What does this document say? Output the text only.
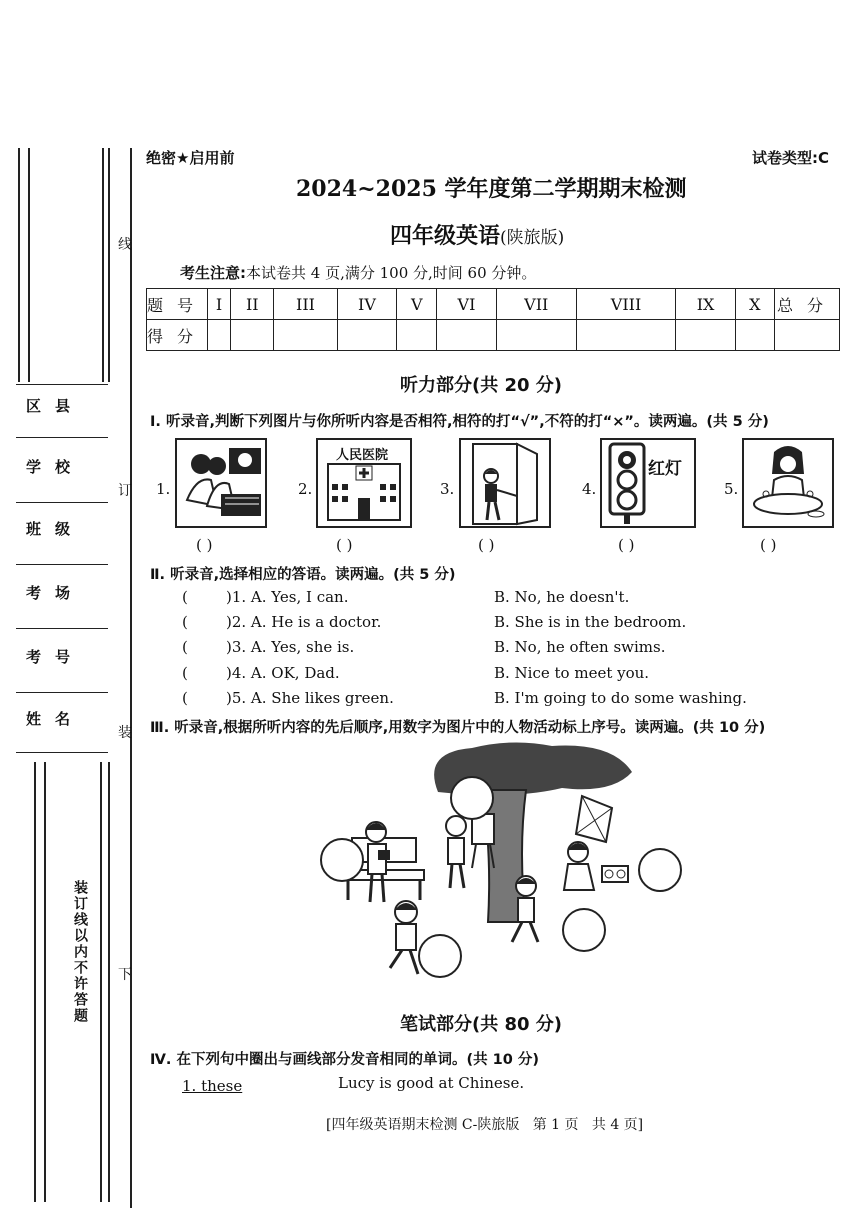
区县
学校
班级
考场
考号
姓名
装订线以内不许答题
线
订
装
下
绝密★启用前	试卷类型:C
2024~2025 学年度第二学期期末检测
四年级英语(陕旅版)
考生注意:本试卷共 4 页,满分 100 分,时间 60 分钟。
题号	I	II	III	IV	V	VI	VII	VIII	IX	X	总分
得分											
听力部分(共 20 分)
Ⅰ. 听录音,判断下列图片与你所听内容是否相符,相符的打“√”,不符的打“×”。读两遍。(共 5 分)
1.
( )
2.
人民医院
( )
3.
( )
4.
红灯
( )
5.
( )
Ⅱ. 听录音,选择相应的答语。读两遍。(共 5 分)
(        )1. A. Yes, I can.	B. No, he doesn't.
(        )2. A. He is a doctor.	B. She is in the bedroom.
(        )3. A. Yes, she is.	B. No, he often swims.
(        )4. A. OK, Dad.	B. Nice to meet you.
(        )5. A. She likes green.	B. I'm going to do some washing.
Ⅲ. 听录音,根据所听内容的先后顺序,用数字为图片中的人物活动标上序号。读两遍。(共 10 分)
笔试部分(共 80 分)
Ⅳ. 在下列句中圈出与画线部分发音相同的单词。(共 10 分)
1. these	Lucy is good at Chinese.
[四年级英语期末检测 C-陕旅版   第 1 页   共 4 页]
